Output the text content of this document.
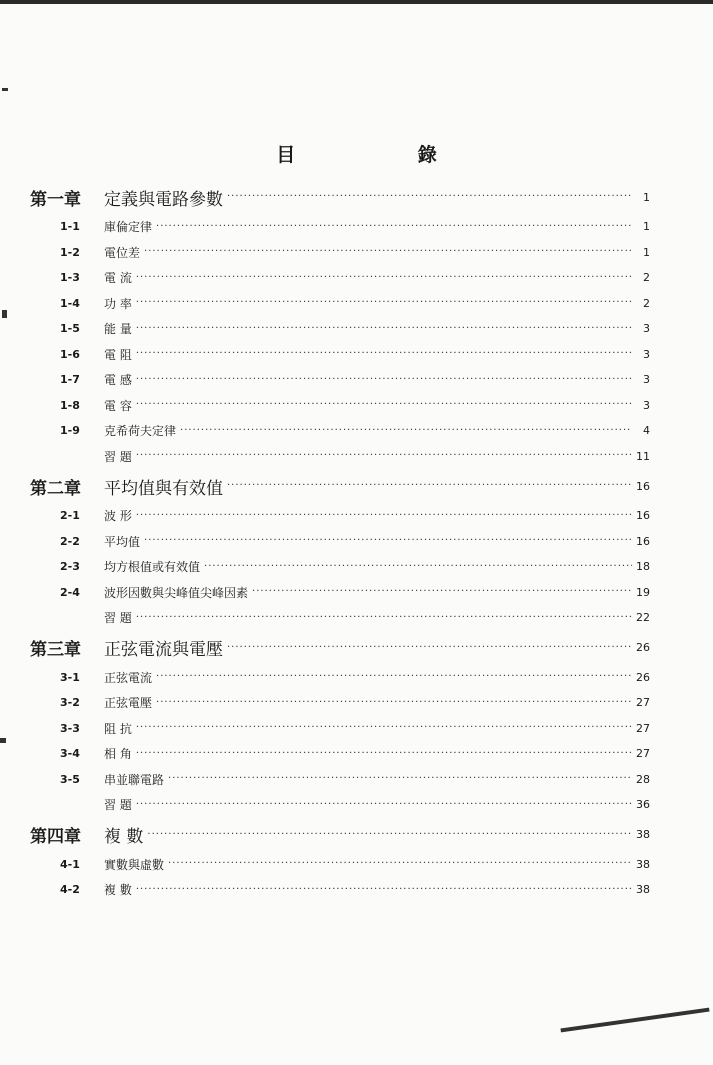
目 錄
第一章	定義與電路參數 ·····	1
1-1	庫倫定律 ·····	1
1-2	電位差 ·····	1
1-3	電 流 ·····	2
1-4	功 率 ·····	2
1-5	能 量 ·····	3
1-6	電 阻 ·····	3
1-7	電 感 ·····	3
1-8	電 容 ·····	3
1-9	克希荷夫定律 ·····	4
習 題 ·····	11
第二章	平均值與有效值 ·····	16
2-1	波 形 ·····	16
2-2	平均值 ·····	16
2-3	均方根值或有效值 ·····	18
2-4	波形因數與尖峰值尖峰因素 ·····	19
習 題 ·····	22
第三章	正弦電流與電壓 ·····	26
3-1	正弦電流 ·····	26
3-2	正弦電壓 ·····	27
3-3	阻 抗 ·····	27
3-4	相 角 ·····	27
3-5	串並聯電路 ·····	28
習 題 ·····	36
第四章	複 數 ·····	38
4-1	實數與虛數 ·····	38
4-2	複 數 ·····	38
